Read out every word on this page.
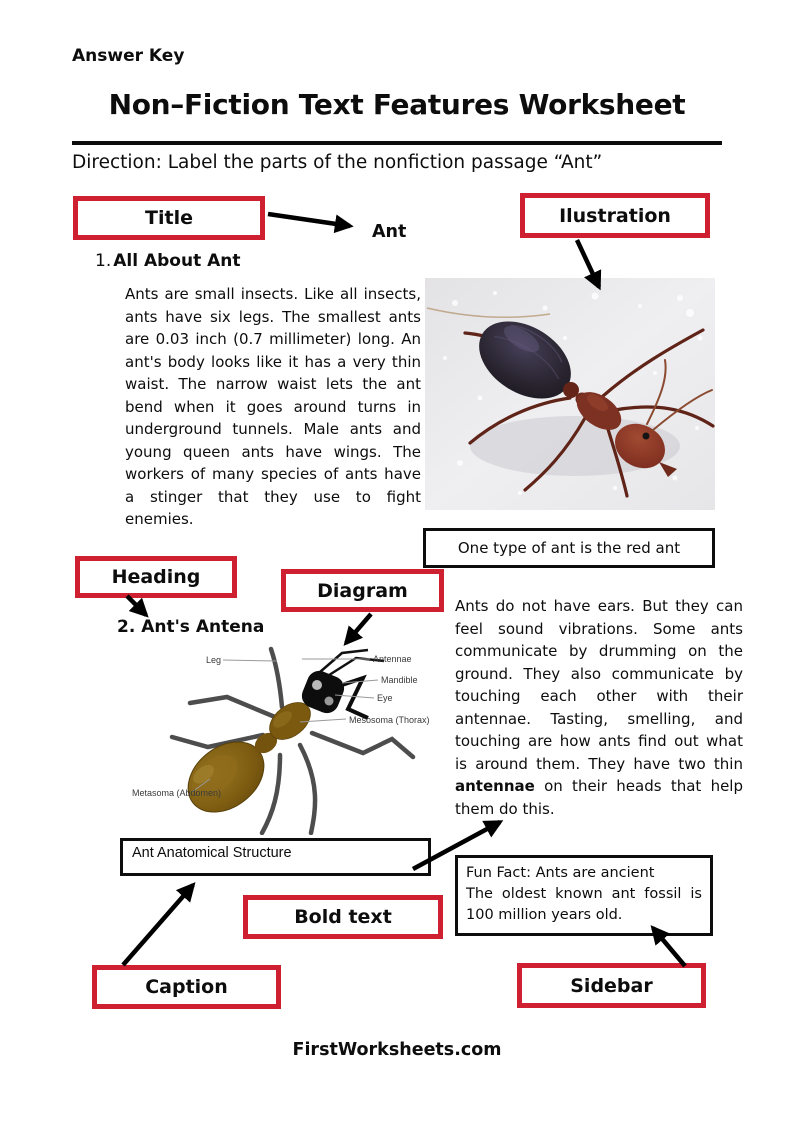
Answer Key
Non–Fiction Text Features Worksheet
Direction: Label the parts of the nonfiction passage “Ant”
Title	Ilustration
Heading
Diagram
Bold text
Caption	Sidebar
Ant
1. All About Ant
Ants are small insects. Like all insects, ants have six legs. The smallest ants are 0.03 inch (0.7 millimeter) long. An ant's body looks like it has a very thin waist. The narrow waist lets the ant bend when it goes around turns in underground tunnels. Male ants and young queen ants have wings. The workers of many species of ants have a stinger that they use to fight enemies.
One type of ant is the red ant
2. Ant's Antena
Leg	Antennae
Mandible
Eye
Mesosoma (Thorax)
Metasoma (Abdomen)
Ants do not have ears. But they can feel sound vibrations. Some ants communicate by drumming on the ground. They also communicate by touching each other with their antennae. Tasting, smelling, and touching are how ants find out what is around them. They have two thin antennae on their heads that help them do this.
Ant Anatomical Structure
Fun Fact: Ants are ancient
The oldest known ant fossil is 100 million years old.
FirstWorksheets.com
